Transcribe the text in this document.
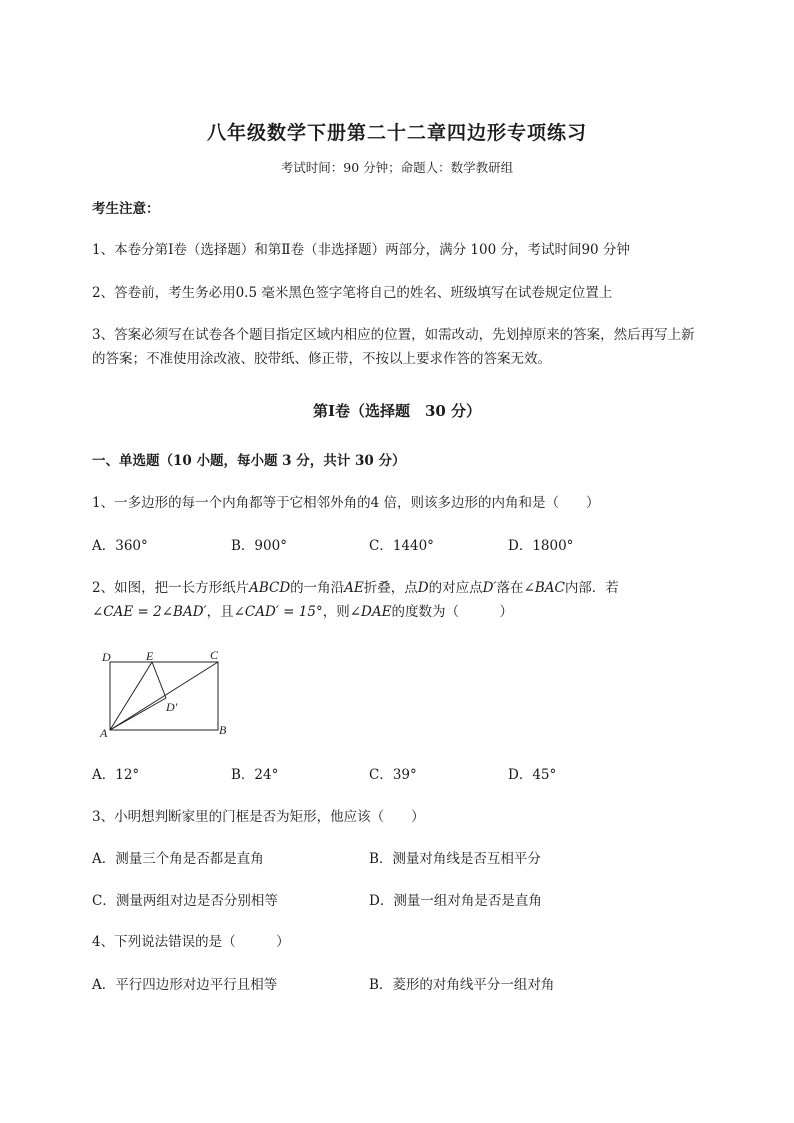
八年级数学下册第二十二章四边形专项练习
考试时间：90 分钟；命题人：数学教研组
考生注意：
1、本卷分第Ⅰ卷（选择题）和第Ⅱ卷（非选择题）两部分，满分 100 分，考试时间90 分钟
2、答卷前，考生务必用0.5 毫米黑色签字笔将自己的姓名、班级填写在试卷规定位置上
3、答案必须写在试卷各个题目指定区域内相应的位置，如需改动，先划掉原来的答案，然后再写上新
的答案；不准使用涂改液、胶带纸、修正带，不按以上要求作答的答案无效。
第Ⅰ卷（选择题　30 分）
一、单选题（10 小题，每小题 3 分，共计 30 分）
1、一多边形的每一个内角都等于它相邻外角的4 倍，则该多边形的内角和是（　　）
A．360°	B．900°	C．1440°	D．1800°
2、如图，把一长方形纸片ABCD的一角沿AE折叠，点D的对应点D′落在∠BAC内部．若
∠CAE = 2∠BAD′，且∠CAD′ = 15°，则∠DAE的度数为（　　　）
D	E	C
D′
A	B
A．12°	B．24°	C．39°	D．45°
3、小明想判断家里的门框是否为矩形，他应该（　　）
A．测量三个角是否都是直角	B．测量对角线是否互相平分
C．测量两组对边是否分别相等	D．测量一组对角是否是直角
4、下列说法错误的是（　　　）
A．平行四边形对边平行且相等	B．菱形的对角线平分一组对角
